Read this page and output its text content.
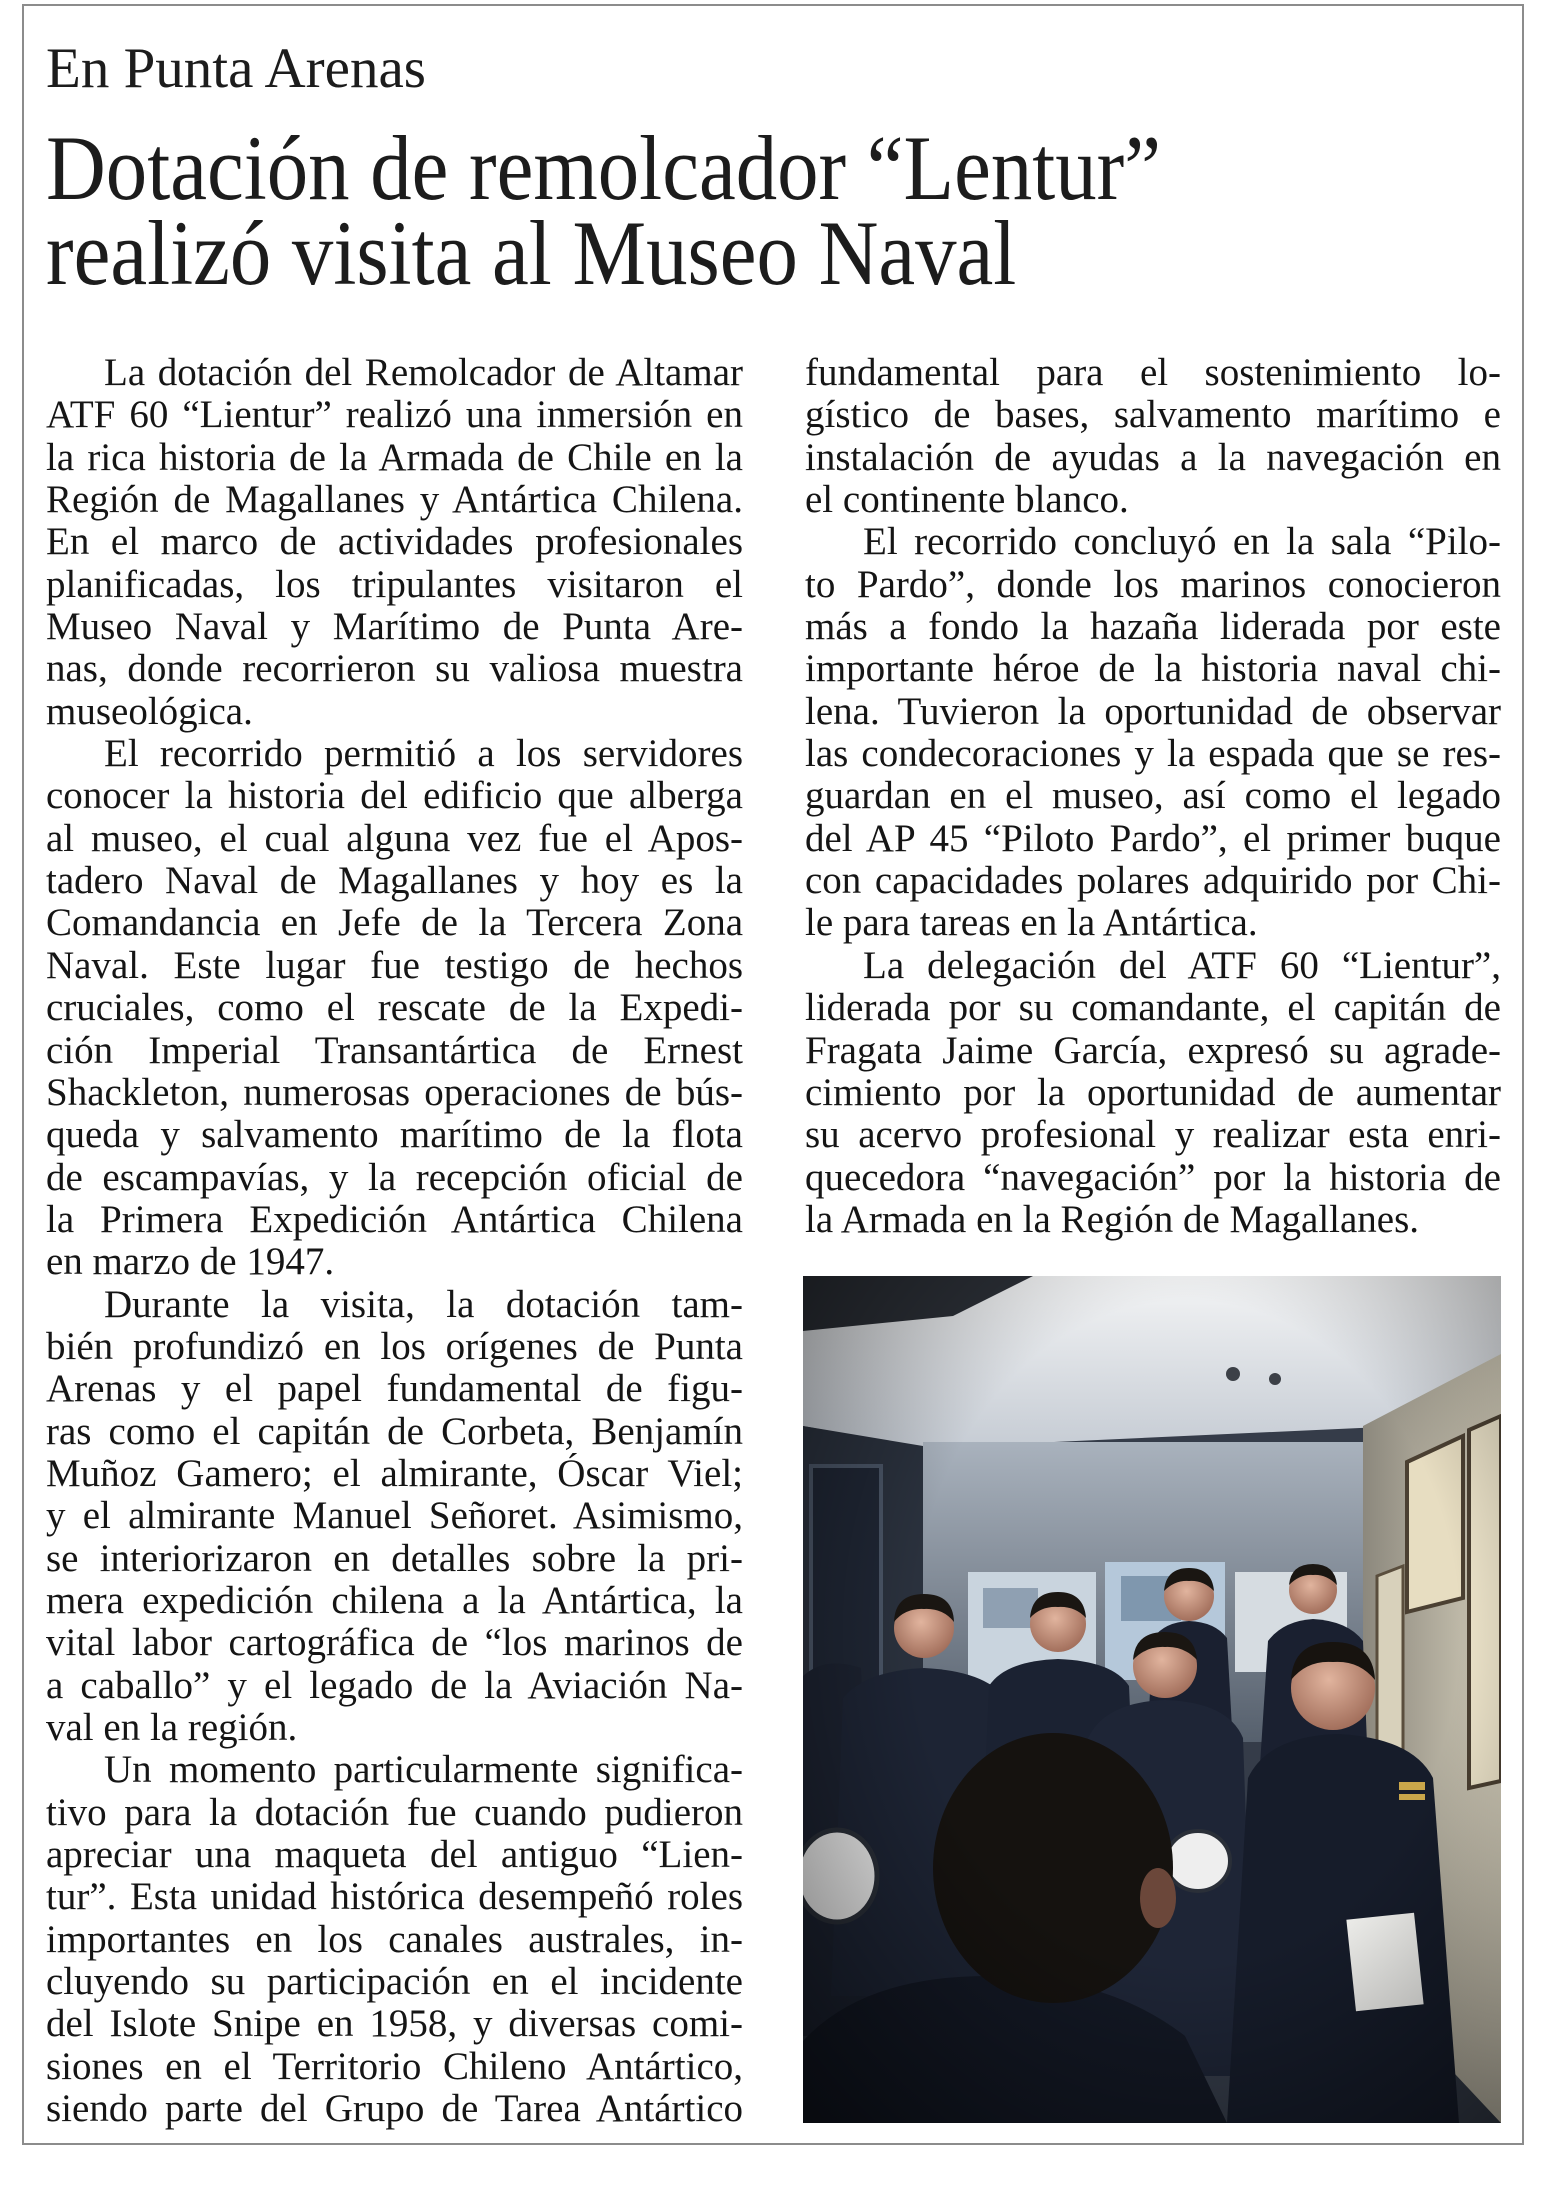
En Punta Arenas
Dotación de remolcador “Lentur”
realizó visita al Museo Naval
La dotación del Remolcador de Altamar
ATF 60 “Lientur” realizó una inmersión en
la rica historia de la Armada de Chile en la
Región de Magallanes y Antártica Chilena.
En el marco de actividades profesionales
planificadas, los tripulantes visitaron el
Museo Naval y Marítimo de Punta Are-
nas, donde recorrieron su valiosa muestra
museológica.
El recorrido permitió a los servidores
conocer la historia del edificio que alberga
al museo, el cual alguna vez fue el Apos-
tadero Naval de Magallanes y hoy es la
Comandancia en Jefe de la Tercera Zona
Naval. Este lugar fue testigo de hechos
cruciales, como el rescate de la Expedi-
ción Imperial Transantártica de Ernest
Shackleton, numerosas operaciones de bús-
queda y salvamento marítimo de la flota
de escampavías, y la recepción oficial de
la Primera Expedición Antártica Chilena
en marzo de 1947.
Durante la visita, la dotación tam-
bién profundizó en los orígenes de Punta
Arenas y el papel fundamental de figu-
ras como el capitán de Corbeta, Benjamín
Muñoz Gamero; el almirante, Óscar Viel;
y el almirante Manuel Señoret. Asimismo,
se interiorizaron en detalles sobre la pri-
mera expedición chilena a la Antártica, la
vital labor cartográfica de “los marinos de
a caballo” y el legado de la Aviación Na-
val en la región.
Un momento particularmente significa-
tivo para la dotación fue cuando pudieron
apreciar una maqueta del antiguo “Lien-
tur”. Esta unidad histórica desempeñó roles
importantes en los canales australes, in-
cluyendo su participación en el incidente
del Islote Snipe en 1958, y diversas comi-
siones en el Territorio Chileno Antártico,
siendo parte del Grupo de Tarea Antártico
fundamental para el sostenimiento lo-
gístico de bases, salvamento marítimo e
instalación de ayudas a la navegación en
el continente blanco.
El recorrido concluyó en la sala “Pilo-
to Pardo”, donde los marinos conocieron
más a fondo la hazaña liderada por este
importante héroe de la historia naval chi-
lena. Tuvieron la oportunidad de observar
las condecoraciones y la espada que se res-
guardan en el museo, así como el legado
del AP 45 “Piloto Pardo”, el primer buque
con capacidades polares adquirido por Chi-
le para tareas en la Antártica.
La delegación del ATF 60 “Lientur”,
liderada por su comandante, el capitán de
Fragata Jaime García, expresó su agrade-
cimiento por la oportunidad de aumentar
su acervo profesional y realizar esta enri-
quecedora “navegación” por la historia de
la Armada en la Región de Magallanes.
